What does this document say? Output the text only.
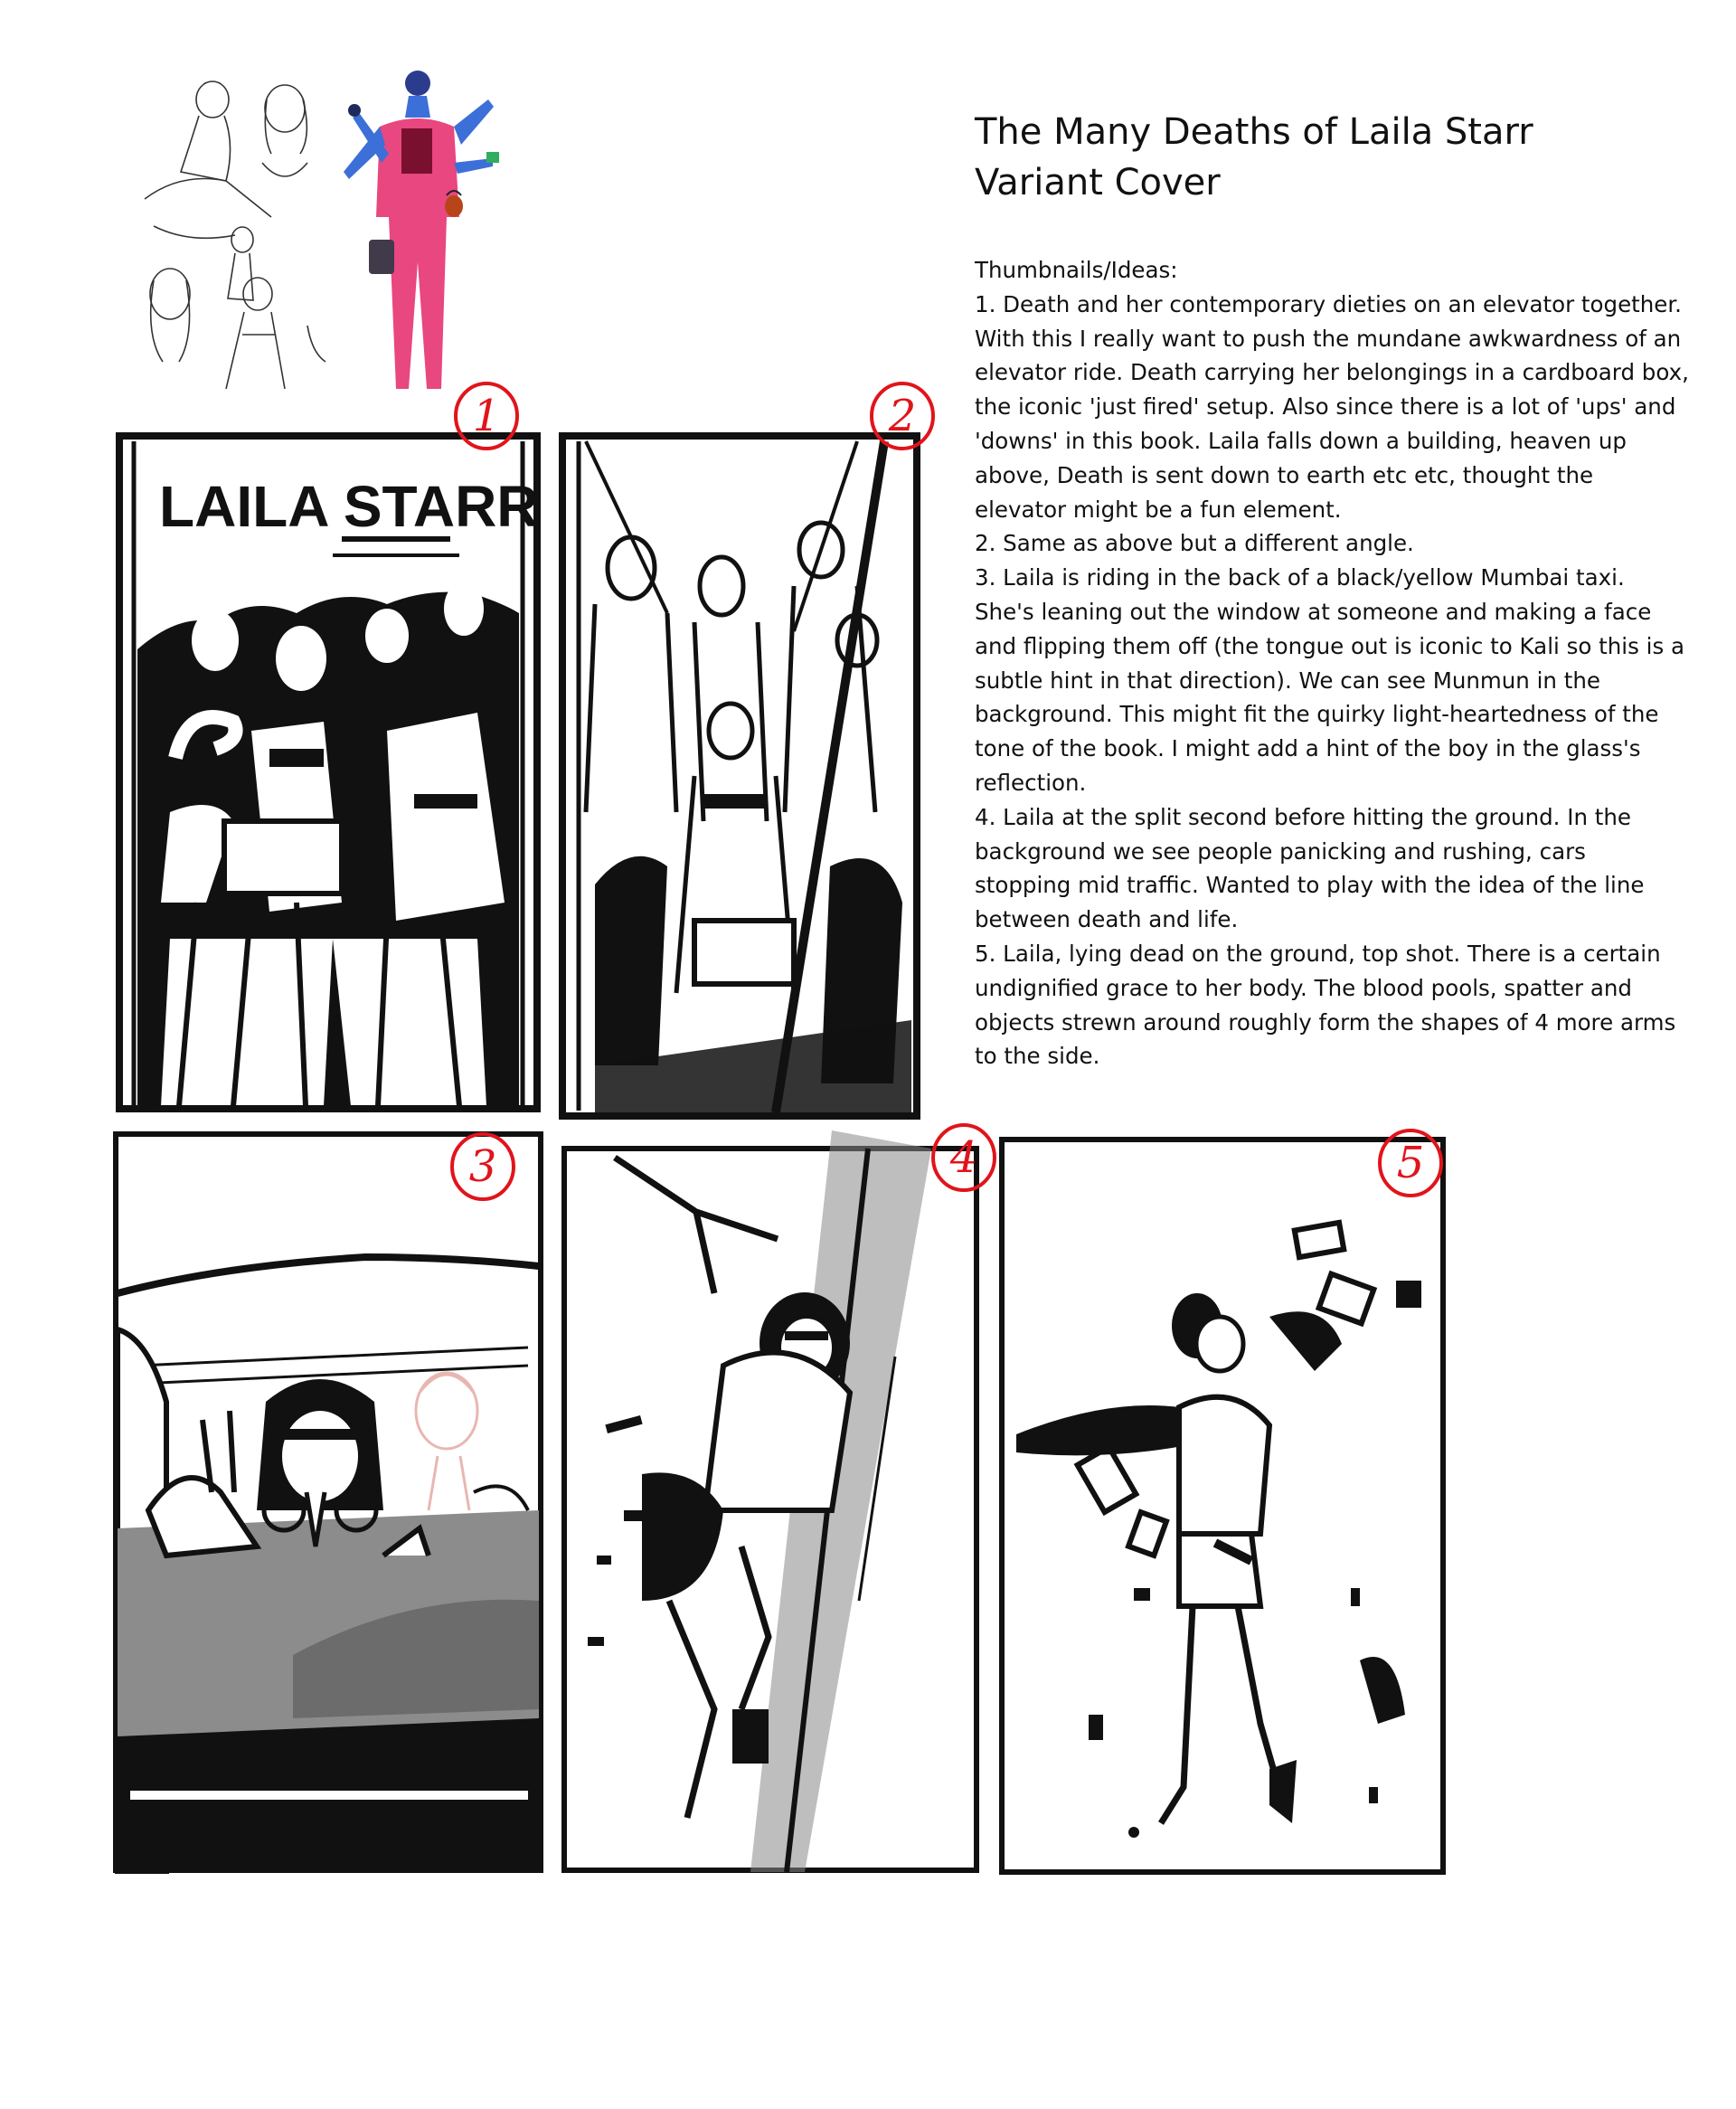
The Many Deaths of Laila Starr
Variant Cover

Thumbnails/Ideas:

1. Death and her contemporary dieties on an elevator together. With this I really want to push the mundane awkwardness of an elevator ride. Death carrying her belongings in a cardboard box, the iconic 'just fired' setup. Also since there is a lot of 'ups' and 'downs' in this book. Laila falls down a building, heaven up above, Death is sent down to earth etc etc, thought the elevator might be a fun element.

2. Same as above but a different angle.

3. Laila is riding in the back of a black/yellow Mumbai taxi. She's leaning out the window at someone and making a face and flipping them off (the tongue out is iconic to Kali so this is a subtle hint in that direction). We can see Munmun in the background. This might fit the quirky light-heartedness of the tone of the book. I might add a hint of the boy in the glass's reflection.

4. Laila at the split second before hitting the ground. In the background we see people panicking and rushing, cars stopping mid traffic. Wanted to play with the idea of the line between death and life.

5. Laila, lying dead on the ground, top shot. There is a certain undignified grace to her body. The blood pools, spatter and objects strewn around roughly form the shapes of 4 more arms to the side.

LAILA STARR
1	2
3	4	5
